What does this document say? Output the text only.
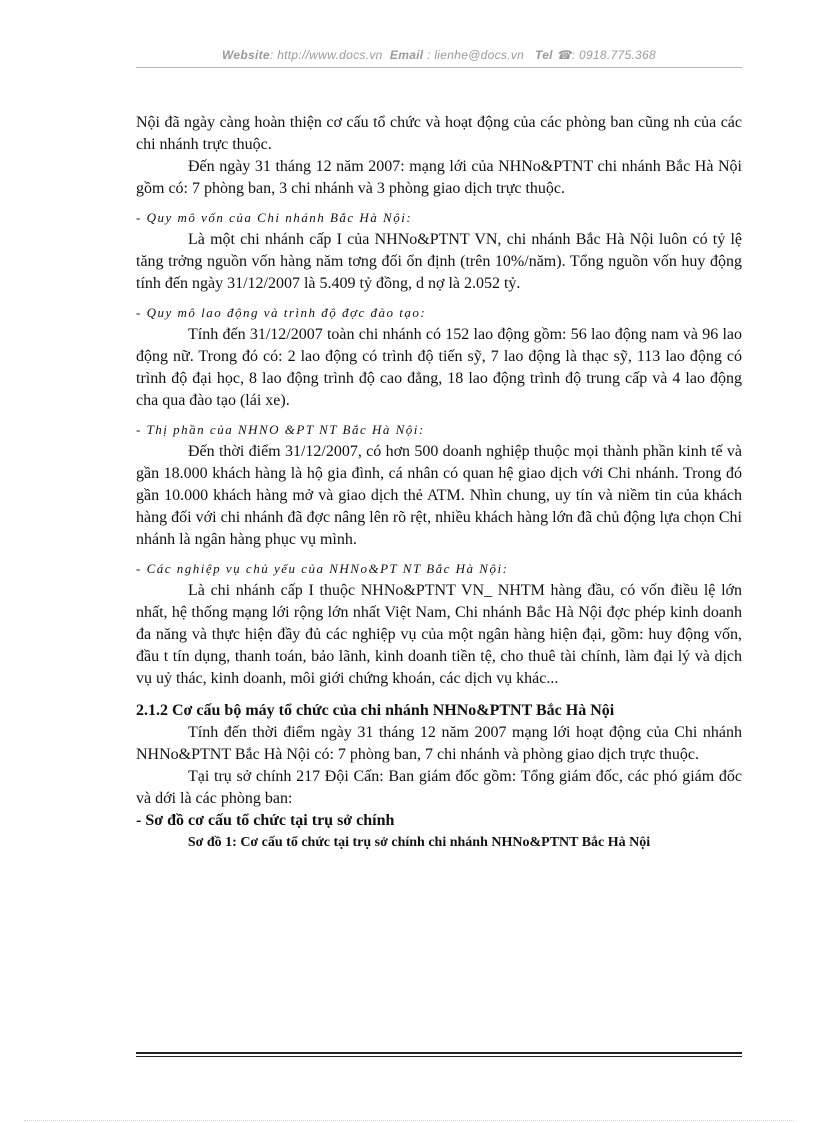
Website: http://www.docs.vn Email : lienhe@docs.vn Tel ☎: 0918.775.368

Nội đã ngày càng hoàn thiện cơ cấu tổ chức và hoạt động của các phòng ban cũng nh của các chi nhánh trực thuộc.

Đến ngày 31 tháng 12 năm 2007: mạng lới của NHNo&PTNT chi nhánh Bắc Hà Nội gồm có: 7 phòng ban, 3 chi nhánh và 3 phòng giao dịch trực thuộc.

- Quy mô vốn của Chi nhánh Bắc Hà Nội:

Là một chi nhánh cấp I của NHNo&PTNT VN, chi nhánh Bắc Hà Nội luôn có tỷ lệ tăng trởng nguồn vốn hàng năm tơng đối ổn định (trên 10%/năm). Tổng nguồn vốn huy động tính đến ngày 31/12/2007 là 5.409 tỷ đồng, d nợ là 2.052 tỷ.

- Quy mô lao động và trình độ đợc đào tạo:

Tính đến 31/12/2007 toàn chi nhánh có 152 lao động gồm: 56 lao động nam và 96 lao động nữ. Trong đó có: 2 lao động có trình độ tiến sỹ, 7 lao động là thạc sỹ, 113 lao động có trình độ đại học, 8 lao động trình độ cao đẳng, 18 lao động trình độ trung cấp và 4 lao động cha qua đào tạo (lái xe).

- Thị phần của NHNO &PT NT Bắc Hà Nội:

Đến thời điểm 31/12/2007, có hơn 500 doanh nghiệp thuộc mọi thành phần kinh tế và gần 18.000 khách hàng là hộ gia đình, cá nhân có quan hệ giao dịch với Chi nhánh. Trong đó gần 10.000 khách hàng mở và giao dịch thẻ ATM. Nhìn chung, uy tín và niềm tin của khách hàng đối với chi nhánh đã đợc nâng lên rõ rệt, nhiều khách hàng lớn đã chủ động lựa chọn Chi nhánh là ngân hàng phục vụ mình.

- Các nghiệp vụ chủ yếu của NHNo&PT NT Bắc Hà Nội:

Là chi nhánh cấp I thuộc NHNo&PTNT VN_ NHTM hàng đầu, có vốn điều lệ lớn nhất, hệ thống mạng lới rộng lớn nhất Việt Nam, Chi nhánh Bắc Hà Nội đợc phép kinh doanh đa năng và thực hiện đầy đủ các nghiệp vụ của một ngân hàng hiện đại, gồm: huy động vốn, đầu t tín dụng, thanh toán, bảo lãnh, kinh doanh tiền tệ, cho thuê tài chính, làm đại lý và dịch vụ uỷ thác, kinh doanh, môi giới chứng khoán, các dịch vụ khác...

2.1.2 Cơ cấu bộ máy tổ chức của chi nhánh NHNo&PTNT Bắc Hà Nội

Tính đến thời điểm ngày 31 tháng 12 năm 2007 mạng lới hoạt động của Chi nhánh NHNo&PTNT Bắc Hà Nội có: 7 phòng ban, 7 chi nhánh và phòng giao dịch trực thuộc.

Tại trụ sở chính 217 Đội Cấn: Ban giám đốc gồm: Tổng giám đốc, các phó giám đốc và dới là các phòng ban:

- Sơ đồ cơ cấu tổ chức tại trụ sở chính
Sơ đồ 1: Cơ cấu tổ chức tại trụ sở chính chi nhánh NHNo&PTNT Bắc Hà Nội
